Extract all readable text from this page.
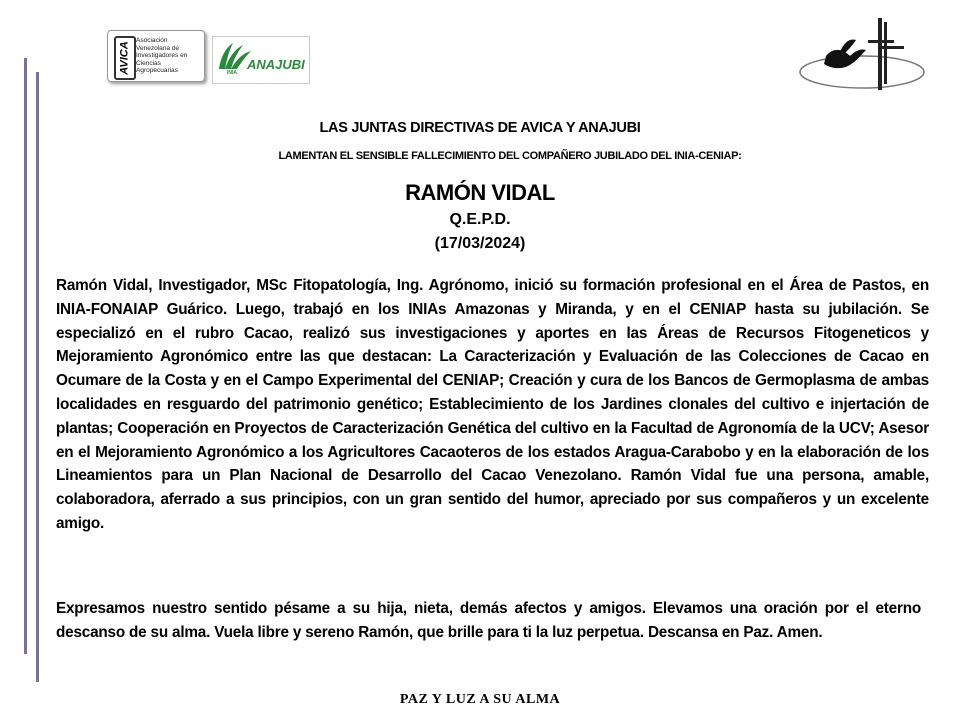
AVICA
Asociación Venezolana de Investigadores en Ciencias Agropecuarias	ANAJUBI
INIA
LAS JUNTAS DIRECTIVAS DE AVICA Y ANAJUBI
LAMENTAN EL SENSIBLE FALLECIMIENTO DEL COMPAÑERO JUBILADO DEL INIA-CENIAP:
RAMÓN VIDAL
Q.E.P.D.
(17/03/2024)

Ramón Vidal, Investigador, MSc Fitopatología, Ing. Agrónomo, inició su formación profesional en el Área de Pastos, en INIA-FONAIAP Guárico. Luego, trabajó en los INIAs Amazonas y Miranda, y en el CENIAP hasta su jubilación. Se especializó en el rubro Cacao, realizó sus investigaciones y aportes en las Áreas de Recursos Fitogeneticos y Mejoramiento Agronómico entre las que destacan: La Caracterización y Evaluación de las Colecciones de Cacao en Ocumare de la Costa y en el Campo Experimental del CENIAP; Creación y cura de los Bancos de Germoplasma de ambas localidades en resguardo del patrimonio genético; Establecimiento de los Jardines clonales del cultivo e injertación de plantas; Cooperación en Proyectos de Caracterización Genética del cultivo en la Facultad de Agronomía de la UCV; Asesor en el Mejoramiento Agronómico a los Agricultores Cacaoteros de los estados Aragua-Carabobo y en la elaboración de los Lineamientos para un Plan Nacional de Desarrollo del Cacao Venezolano. Ramón Vidal fue una persona, amable, colaboradora, aferrado a sus principios, con un gran sentido del humor, apreciado por sus compañeros y un excelente amigo.

Expresamos nuestro sentido pésame a su hija, nieta, demás afectos y amigos. Elevamos una oración por el eterno descanso de su alma. Vuela libre y sereno Ramón, que brille para ti la luz perpetua. Descansa en Paz. Amen.

PAZ Y LUZ A SU ALMA
